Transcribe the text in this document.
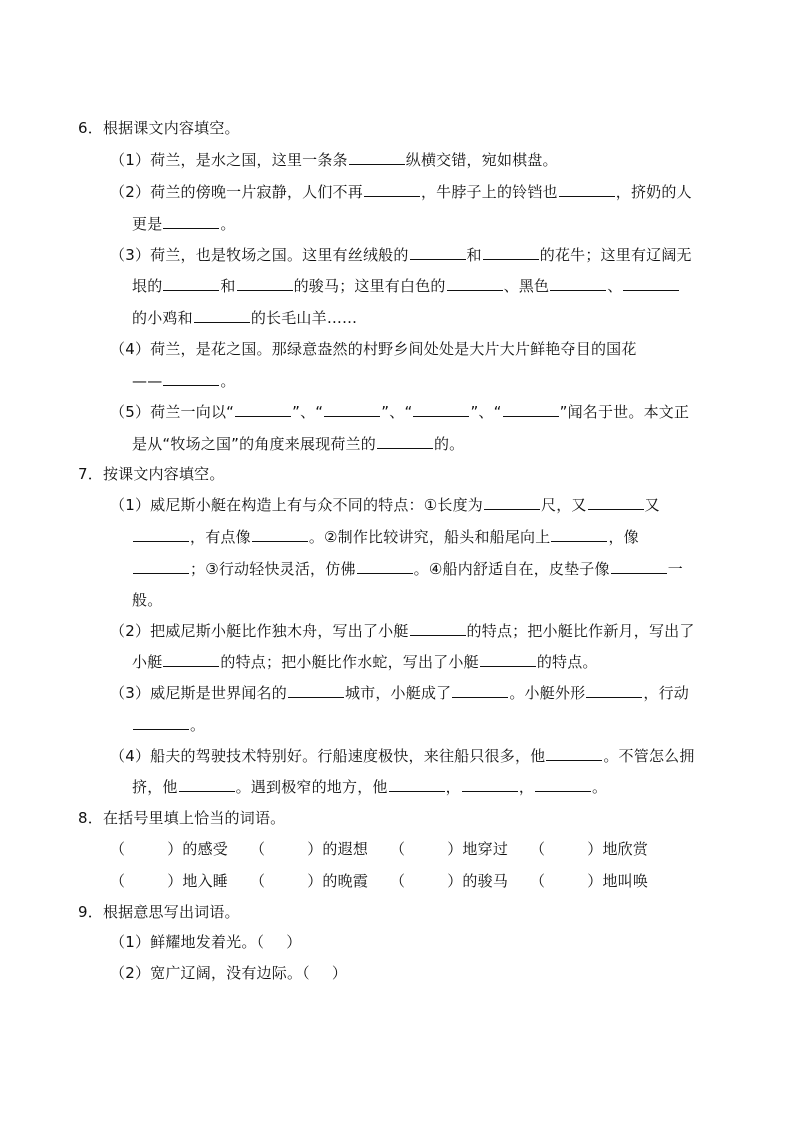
6．根据课文内容填空。
（1）荷兰，是水之国，这里一条条	纵横交错，宛如棋盘。
（2）荷兰的傍晚一片寂静，人们不再	，牛脖子上的铃铛也	，挤奶的人
更是	。
（3）荷兰，也是牧场之国。这里有丝绒般的	和	的花牛；这里有辽阔无
垠的	和	的骏马；这里有白色的	、黑色	、
的小鸡和	的长毛山羊……
（4）荷兰，是花之国。那绿意盎然的村野乡间处处是大片大片鲜艳夺目的国花
——	。
（5）荷兰一向以“	”、“	”、“	”、“	”闻名于世。本文正
是从“牧场之国”的角度来展现荷兰的	的。
7．按课文内容填空。
（1）威尼斯小艇在构造上有与众不同的特点：①长度为	尺，又	又
，有点像	。②制作比较讲究，船头和船尾向上	，像
；③行动轻快灵活，仿佛	。④船内舒适自在，皮垫子像	一
般。
（2）把威尼斯小艇比作独木舟，写出了小艇	的特点；把小艇比作新月，写出了
小艇	的特点；把小艇比作水蛇，写出了小艇	的特点。
（3）威尼斯是世界闻名的	城市，小艇成了	。小艇外形	，行动
。
（4）船夫的驾驶技术特别好。行船速度极快，来往船只很多，他	。不管怎么拥
挤，他	。遇到极窄的地方，他	，	，	。
8．在括号里填上恰当的词语。
（	）的感受 （	）的遐想 （	）地穿过 （	）地欣赏
（	）地入睡 （	）的晚霞 （	）的骏马 （	）地叫唤
9．根据意思写出词语。
（1）鲜耀地发着光。（ ）
（2）宽广辽阔，没有边际。（ ）
